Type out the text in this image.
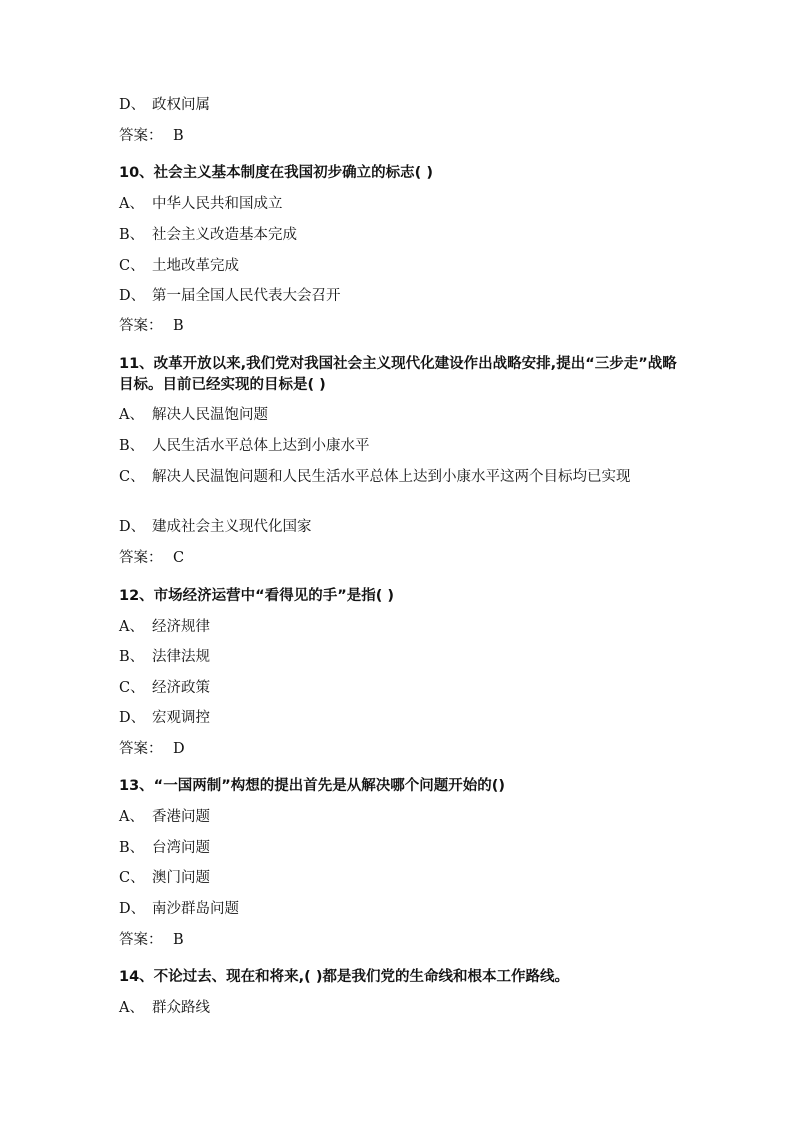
D、 政权问属
答案： B
10、社会主义基本制度在我国初步确立的标志( )
A、 中华人民共和国成立
B、 社会主义改造基本完成
C、 土地改革完成
D、 第一届全国人民代表大会召开
答案： B
11、改革开放以来,我们党对我国社会主义现代化建设作出战略安排,提出“三步走”战略目标。目前已经实现的目标是( )
A、 解决人民温饱问题
B、 人民生活水平总体上达到小康水平
C、 解决人民温饱问题和人民生活水平总体上达到小康水平这两个目标均已实现
D、 建成社会主义现代化国家
答案： C
12、市场经济运营中“看得见的手”是指( )
A、 经济规律
B、 法律法规
C、 经济政策
D、 宏观调控
答案： D
13、“一国两制”构想的提出首先是从解决哪个问题开始的()
A、 香港问题
B、 台湾问题
C、 澳门问题
D、 南沙群岛问题
答案： B
14、不论过去、现在和将来,( )都是我们党的生命线和根本工作路线。
A、 群众路线
